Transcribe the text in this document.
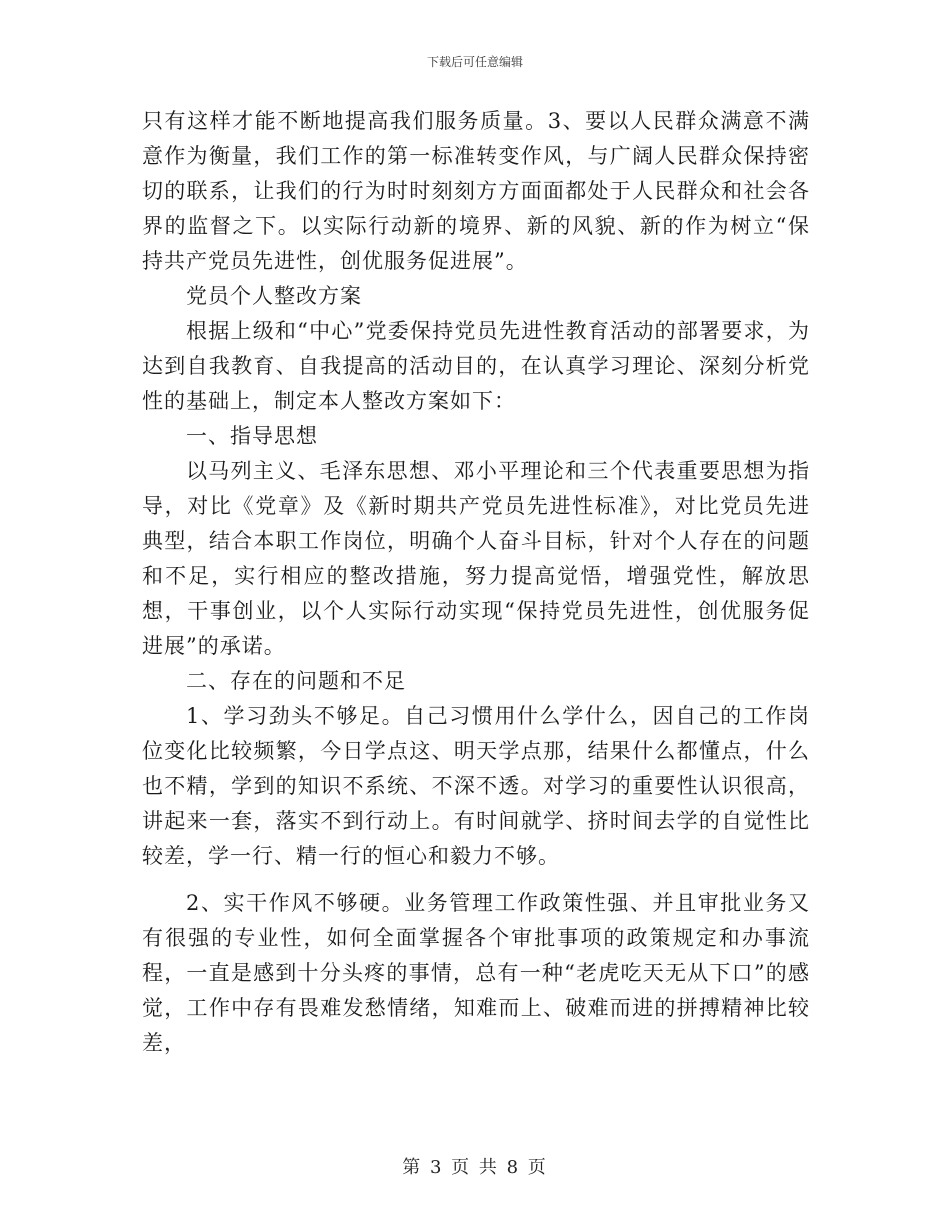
下载后可任意编辑

只有这样才能不断地提高我们服务质量。3、要以人民群众满意不满意作为衡量，我们工作的第一标准转变作风，与广阔人民群众保持密切的联系，让我们的行为时时刻刻方方面面都处于人民群众和社会各界的监督之下。以实际行动新的境界、新的风貌、新的作为树立“保持共产党员先进性，创优服务促进展”。

党员个人整改方案

根据上级和“中心”党委保持党员先进性教育活动的部署要求，为达到自我教育、自我提高的活动目的，在认真学习理论、深刻分析党性的基础上，制定本人整改方案如下：

一、指导思想

以马列主义、毛泽东思想、邓小平理论和三个代表重要思想为指导，对比《党章》及《新时期共产党员先进性标准》，对比党员先进典型，结合本职工作岗位，明确个人奋斗目标，针对个人存在的问题和不足，实行相应的整改措施，努力提高觉悟，增强党性，解放思想，干事创业，以个人实际行动实现“保持党员先进性，创优服务促进展”的承诺。

二、存在的问题和不足

1、学习劲头不够足。自己习惯用什么学什么，因自己的工作岗位变化比较频繁，今日学点这、明天学点那，结果什么都懂点，什么也不精，学到的知识不系统、不深不透。对学习的重要性认识很高，讲起来一套，落实不到行动上。有时间就学、挤时间去学的自觉性比较差，学一行、精一行的恒心和毅力不够。

2、实干作风不够硬。业务管理工作政策性强、并且审批业务又有很强的专业性，如何全面掌握各个审批事项的政策规定和办事流程，一直是感到十分头疼的事情，总有一种“老虎吃天无从下口”的感觉，工作中存有畏难发愁情绪，知难而上、破难而进的拼搏精神比较差，

第 3 页 共 8 页
